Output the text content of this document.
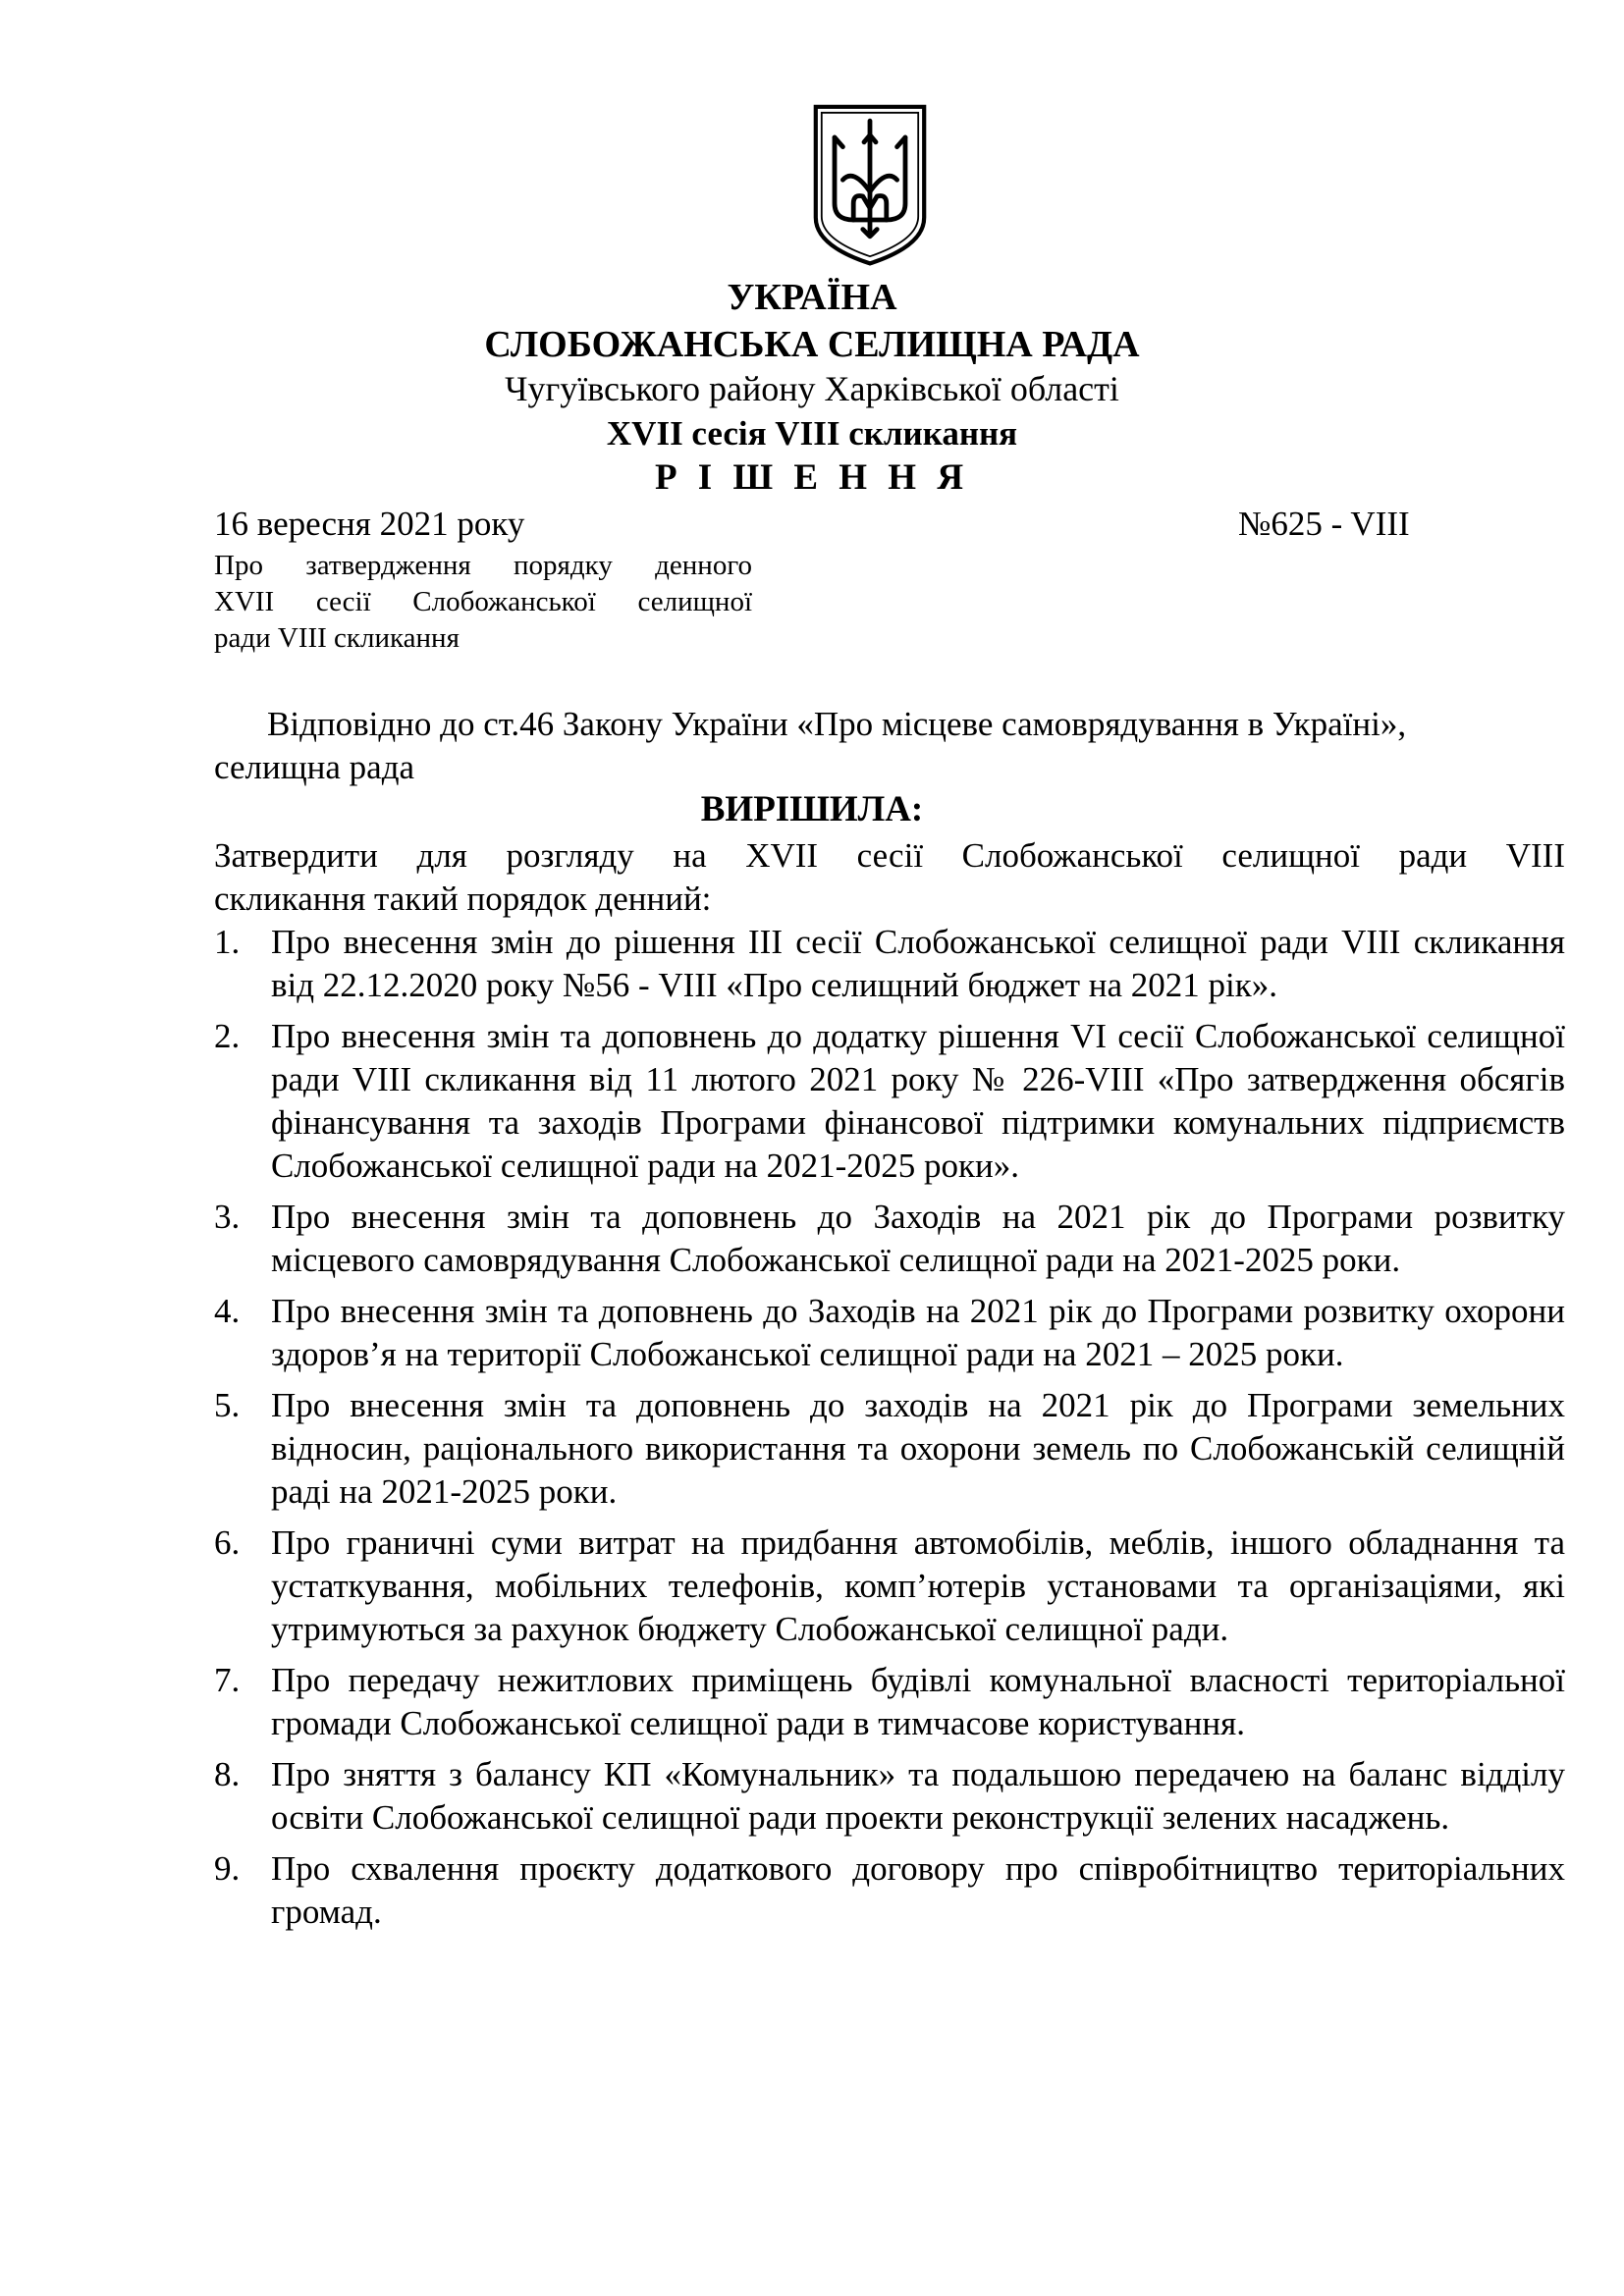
УКРАЇНА
СЛОБОЖАНСЬКА СЕЛИЩНА РАДА
Чугуївського району Харківської області
XVII сесія VIII скликання
Р І Ш Е Н Н Я
16 вересня 2021 року	№625 - VIII
Про затвердження порядку денного
XVII сесії Слобожанської селищної
ради VIII скликання
Відповідно до ст.46 Закону України «Про місцеве самоврядування в Україні»,
селищна рада
ВИРІШИЛА:
Затвердити для розгляду на XVII сесії Слобожанської селищної ради VIII
скликання такий порядок денний:
1. Про внесення змін до рішення III сесії Слобожанської селищної ради VIII скликання від 22.12.2020 року №56 - VIII «Про селищний бюджет на 2021 рік».
2. Про внесення змін та доповнень до додатку рішення VI сесії Слобожанської селищної ради VIII скликання від 11 лютого 2021 року № 226-VIII «Про затвердження обсягів фінансування та заходів Програми фінансової підтримки комунальних підприємств Слобожанської селищної ради на 2021-2025 роки».
3. Про внесення змін та доповнень до Заходів на 2021 рік до Програми розвитку місцевого самоврядування Слобожанської селищної ради на 2021-2025 роки.
4. Про внесення змін та доповнень до Заходів на 2021 рік до Програми розвитку охорони здоров’я на території Слобожанської селищної ради на 2021 – 2025 роки.
5. Про внесення змін та доповнень до заходів на 2021 рік до Програми земельних відносин, раціонального використання та охорони земель по Слобожанській селищній раді на 2021-2025 роки.
6. Про граничні суми витрат на придбання автомобілів, меблів, іншого обладнання та устаткування, мобільних телефонів, комп’ютерів установами та організаціями, які утримуються за рахунок бюджету Слобожанської селищної ради.
7. Про передачу нежитлових приміщень будівлі комунальної власності територіальної громади Слобожанської селищної ради в тимчасове користування.
8. Про зняття з балансу КП «Комунальник» та подальшою передачею на баланс відділу освіти Слобожанської селищної ради проекти реконструкції зелених насаджень.
9. Про схвалення проєкту додаткового договору про співробітництво територіальних громад.
